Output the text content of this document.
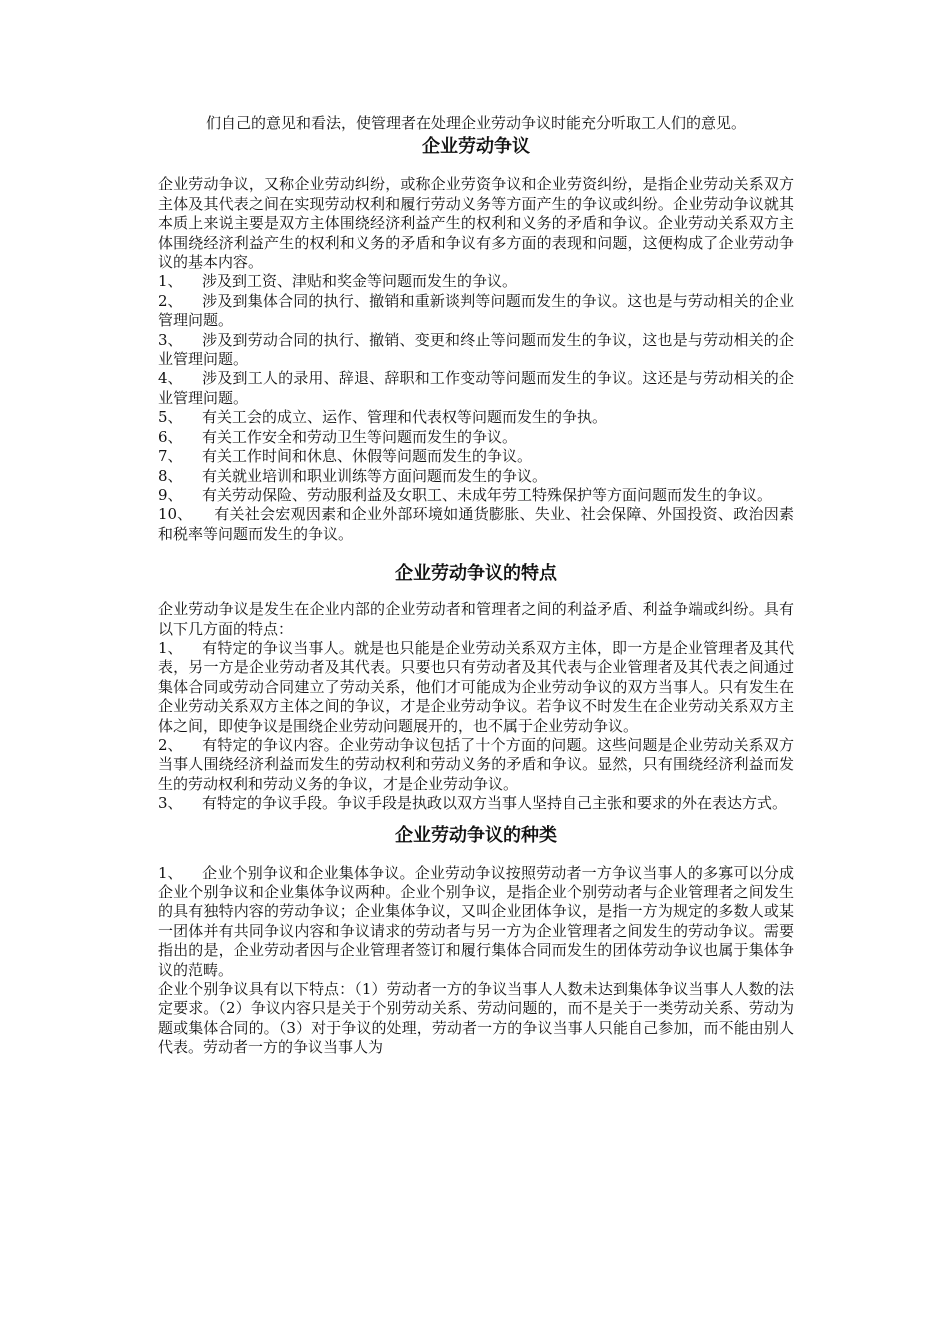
们自己的意见和看法，使管理者在处理企业劳动争议时能充分听取工人们的意见。

企业劳动争议

企业劳动争议，又称企业劳动纠纷，或称企业劳资争议和企业劳资纠纷，是指企业劳动关系双方主体及其代表之间在实现劳动权利和履行劳动义务等方面产生的争议或纠纷。企业劳动争议就其本质上来说主要是双方主体围绕经济利益产生的权利和义务的矛盾和争议。企业劳动关系双方主体围绕经济利益产生的权利和义务的矛盾和争议有多方面的表现和问题，这便构成了企业劳动争议的基本内容。

1、 涉及到工资、津贴和奖金等问题而发生的争议。

2、 涉及到集体合同的执行、撤销和重新谈判等问题而发生的争议。这也是与劳动相关的企业管理问题。

3、 涉及到劳动合同的执行、撤销、变更和终止等问题而发生的争议，这也是与劳动相关的企业管理问题。

4、 涉及到工人的录用、辞退、辞职和工作变动等问题而发生的争议。这还是与劳动相关的企业管理问题。

5、 有关工会的成立、运作、管理和代表权等问题而发生的争执。

6、 有关工作安全和劳动卫生等问题而发生的争议。

7、 有关工作时间和休息、休假等问题而发生的争议。

8、 有关就业培训和职业训练等方面问题而发生的争议。

9、 有关劳动保险、劳动服利益及女职工、未成年劳工特殊保护等方面问题而发生的争议。

10、 有关社会宏观因素和企业外部环境如通货膨胀、失业、社会保障、外国投资、政治因素和税率等问题而发生的争议。

企业劳动争议的特点

企业劳动争议是发生在企业内部的企业劳动者和管理者之间的利益矛盾、利益争端或纠纷。具有以下几方面的特点：

1、 有特定的争议当事人。就是也只能是企业劳动关系双方主体，即一方是企业管理者及其代表，另一方是企业劳动者及其代表。只要也只有劳动者及其代表与企业管理者及其代表之间通过集体合同或劳动合同建立了劳动关系，他们才可能成为企业劳动争议的双方当事人。只有发生在企业劳动关系双方主体之间的争议，才是企业劳动争议。若争议不时发生在企业劳动关系双方主体之间，即使争议是围绕企业劳动问题展开的，也不属于企业劳动争议。

2、 有特定的争议内容。企业劳动争议包括了十个方面的问题。这些问题是企业劳动关系双方当事人围绕经济利益而发生的劳动权利和劳动义务的矛盾和争议。显然，只有围绕经济利益而发生的劳动权利和劳动义务的争议，才是企业劳动争议。

3、 有特定的争议手段。争议手段是执政以双方当事人坚持自己主张和要求的外在表达方式。

企业劳动争议的种类

1、 企业个别争议和企业集体争议。企业劳动争议按照劳动者一方争议当事人的多寡可以分成企业个别争议和企业集体争议两种。企业个别争议，是指企业个别劳动者与企业管理者之间发生的具有独特内容的劳动争议；企业集体争议，又叫企业团体争议，是指一方为规定的多数人或某一团体并有共同争议内容和争议请求的劳动者与另一方为企业管理者之间发生的劳动争议。需要指出的是，企业劳动者因与企业管理者签订和履行集体合同而发生的团体劳动争议也属于集体争议的范畴。

企业个别争议具有以下特点：（1）劳动者一方的争议当事人人数未达到集体争议当事人人数的法定要求。（2）争议内容只是关于个别劳动关系、劳动问题的，而不是关于一类劳动关系、劳动为题或集体合同的。（3）对于争议的处理，劳动者一方的争议当事人只能自己参加，而不能由别人代表。劳动者一方的争议当事人为
